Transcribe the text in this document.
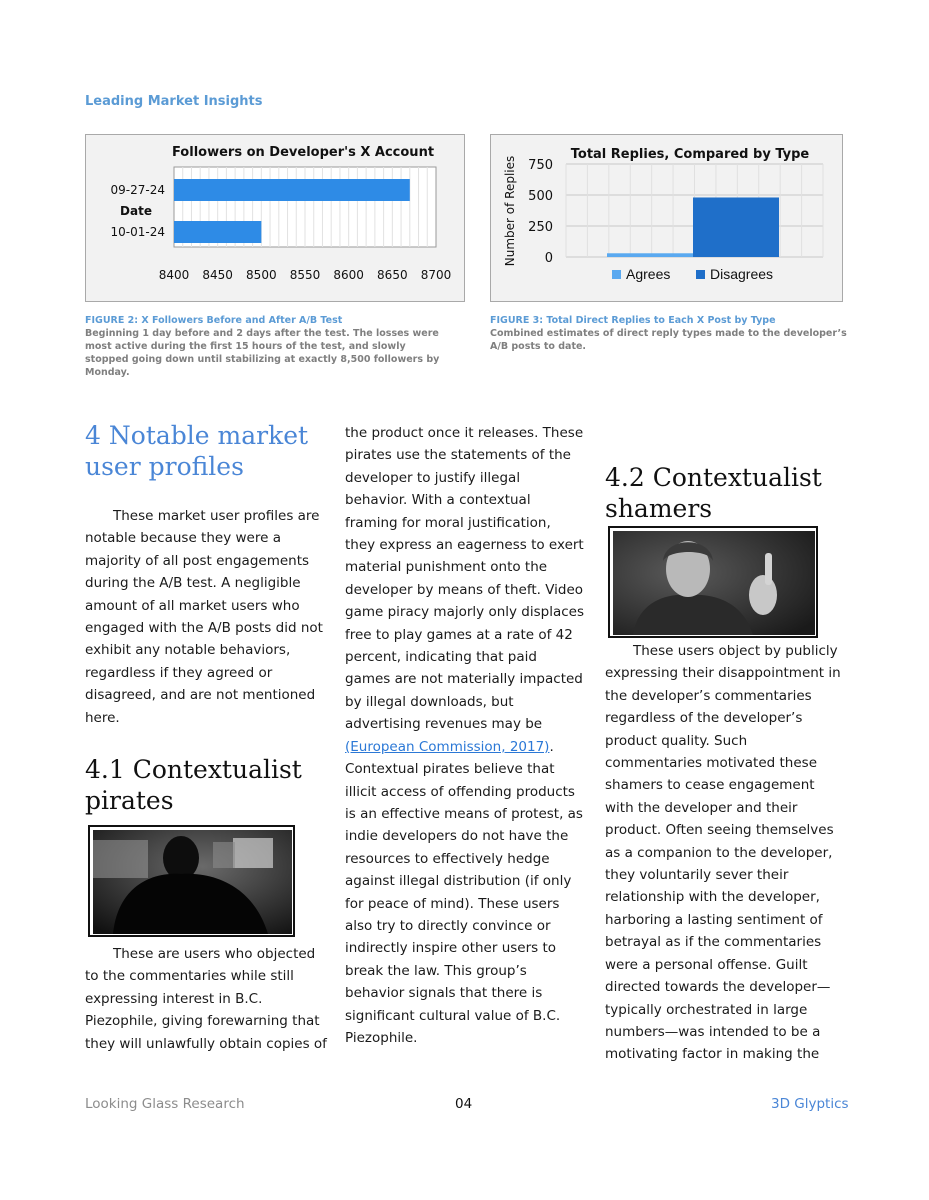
Leading Market Insights
Followers on Developer's X Account
09-27-24
10-01-24
Date
8400 8450 8500 8550 8600 8650 8700
Total Replies, Compared by Type
Number of Replies 0
250
500
750
Agrees	Disagrees
FIGURE 2: X Followers Before and After A/B Test
Beginning 1 day before and 2 days after the test. The losses were most active during the first 15 hours of the test, and slowly stopped going down until stabilizing at exactly 8,500 followers by Monday.
FIGURE 3: Total Direct Replies to Each X Post by Type
Combined estimates of direct reply types made to the developer’s A/B posts to date.
4 Notable market user profiles

These market user profiles are notable because they were a majority of all post engagements during the A/B test. A negligible amount of all market users who engaged with the A/B posts did not exhibit any notable behaviors, regardless if they agreed or disagreed, and are not mentioned here.

4.1 Contextualist pirates

These are users who objected to the commentaries while still expressing interest in B.C. Piezophile, giving forewarning that they will unlawfully obtain copies of

the product once it releases. These pirates use the statements of the developer to justify illegal behavior. With a contextual framing for moral justification, they express an eagerness to exert material punishment onto the developer by means of theft. Video game piracy majorly only displaces free to play games at a rate of 42 percent, indicating that paid games are not materially impacted by illegal downloads, but advertising revenues may be (European Commission, 2017). Contextual pirates believe that illicit access of offending products is an effective means of protest, as indie developers do not have the resources to effectively hedge against illegal distribution (if only for peace of mind). These users also try to directly convince or indirectly inspire other users to break the law. This group’s behavior signals that there is significant cultural value of B.C. Piezophile.

4.2 Contextualist shamers

These users object by publicly expressing their disappointment in the developer’s commentaries regardless of the developer’s product quality. Such commentaries motivated these shamers to cease engagement with the developer and their product. Often seeing themselves as a companion to the developer, they voluntarily sever their relationship with the developer, harboring a lasting sentiment of betrayal as if the commentaries were a personal offense. Guilt directed towards the developer—typically orchestrated in large numbers—was intended to be a motivating factor in making the

Looking Glass Research	04	3D Glyptics
